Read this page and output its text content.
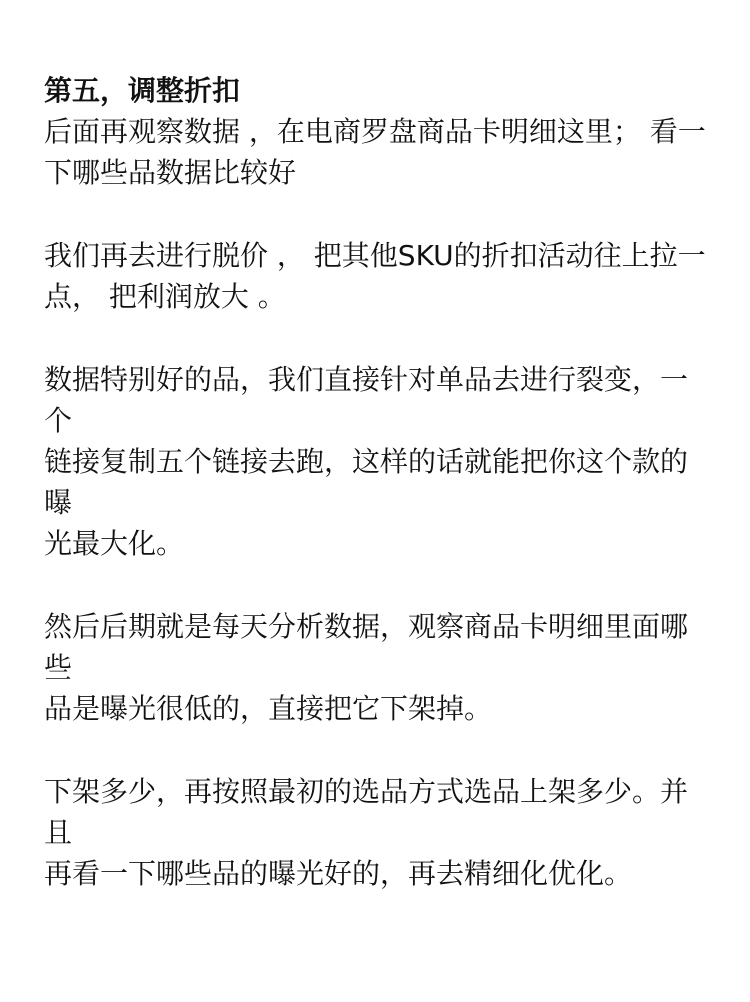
第五，调整折扣

后面再观察数据 ，在电商罗盘商品卡明细这里； 看一
下哪些品数据比较好

我们再去进行脱价 ， 把其他SKU的折扣活动往上拉一
点， 把利润放大 。

数据特别好的品，我们直接针对单品去进行裂变，一个
链接复制五个链接去跑，这样的话就能把你这个款的曝
光最大化。

然后后期就是每天分析数据，观察商品卡明细里面哪些
品是曝光很低的，直接把它下架掉。

下架多少，再按照最初的选品方式选品上架多少。并且
再看一下哪些品的曝光好的，再去精细化优化。
